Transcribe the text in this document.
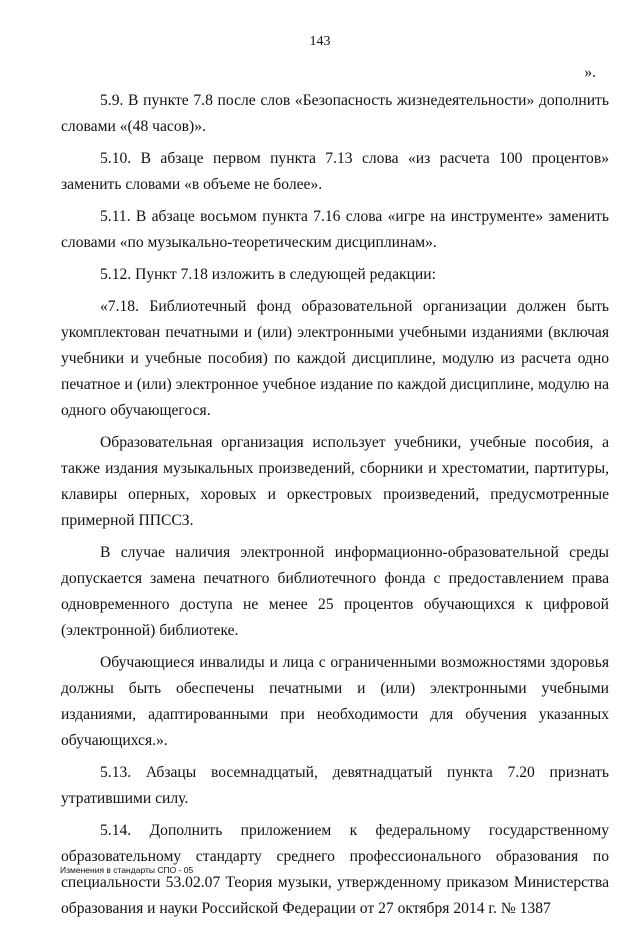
143
».

5.9. В пункте 7.8 после слов «Безопасность жизнедеятельности» дополнить словами «(48 часов)».

5.10. В абзаце первом пункта 7.13 слова «из расчета 100 процентов» заменить словами «в объеме не более».

5.11. В абзаце восьмом пункта 7.16 слова «игре на инструменте» заменить словами «по музыкально-теоретическим дисциплинам».

5.12. Пункт 7.18 изложить в следующей редакции:

«7.18. Библиотечный фонд образовательной организации должен быть укомплектован печатными и (или) электронными учебными изданиями (включая учебники и учебные пособия) по каждой дисциплине, модулю из расчета одно печатное и (или) электронное учебное издание по каждой дисциплине, модулю на одного обучающегося.

Образовательная организация использует учебники, учебные пособия, а также издания музыкальных произведений, сборники и хрестоматии, партитуры, клавиры оперных, хоровых и оркестровых произведений, предусмотренные примерной ППССЗ.

В случае наличия электронной информационно-образовательной среды допускается замена печатного библиотечного фонда с предоставлением права одновременного доступа не менее 25 процентов обучающихся к цифровой (электронной) библиотеке.

Обучающиеся инвалиды и лица с ограниченными возможностями здоровья должны быть обеспечены печатными и (или) электронными учебными изданиями, адаптированными при необходимости для обучения указанных обучающихся.».

5.13. Абзацы восемнадцатый, девятнадцатый пункта 7.20 признать утратившими силу.

5.14. Дополнить приложением к федеральному государственному образовательному стандарту среднего профессионального образования по специальности 53.02.07 Теория музыки, утвержденному приказом Министерства образования и науки Российской Федерации от 27 октября 2014 г. № 1387

Изменения в стандарты СПО - 05
